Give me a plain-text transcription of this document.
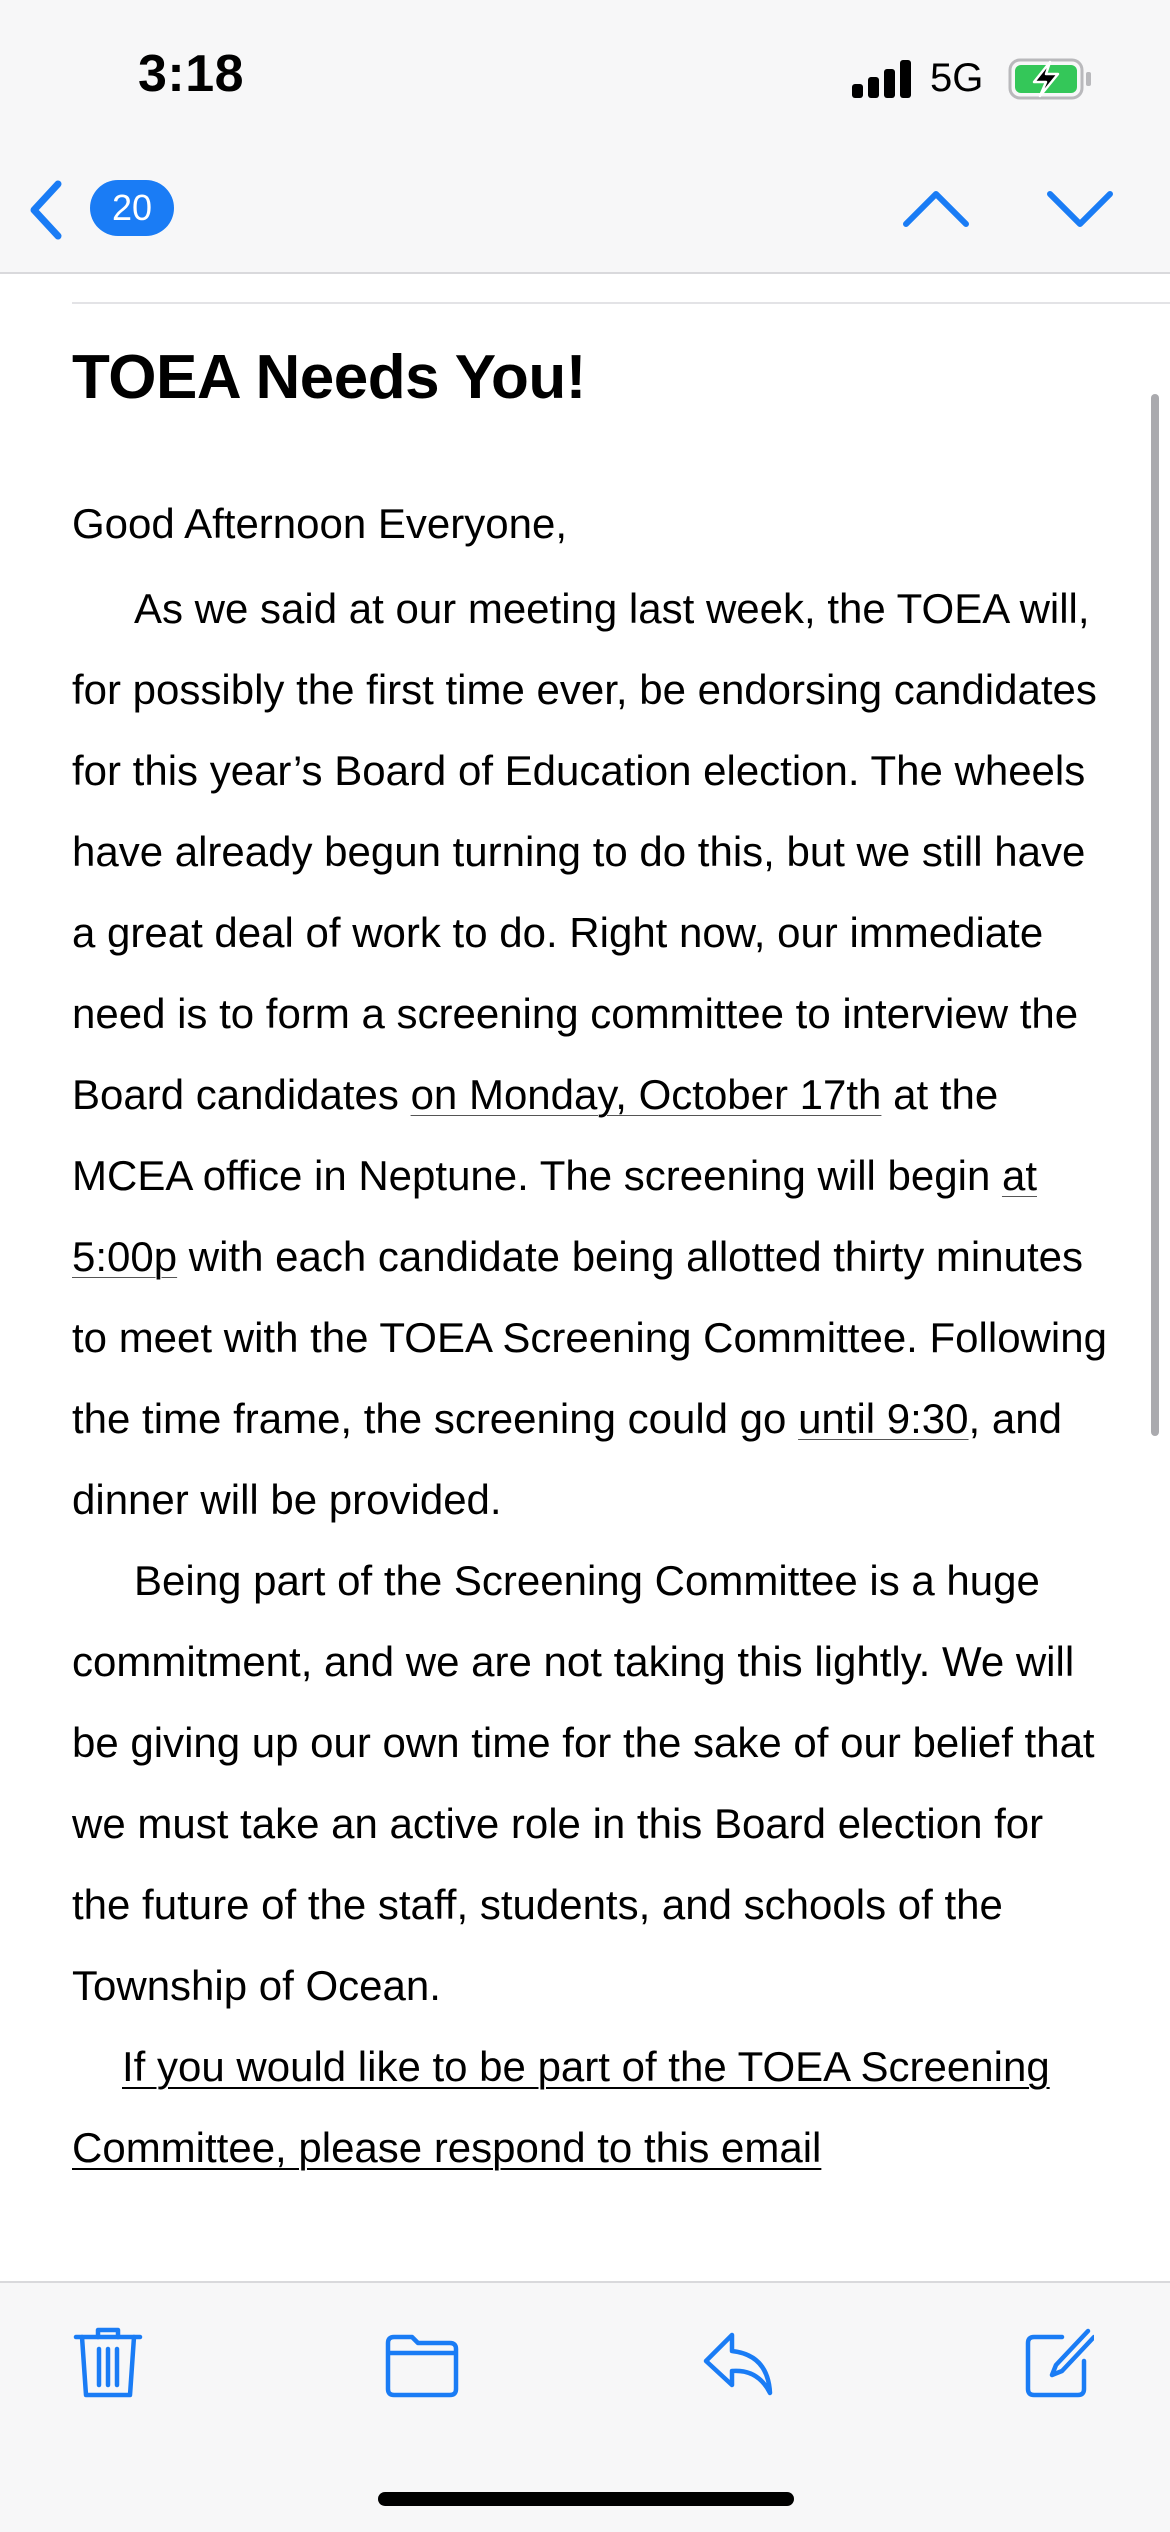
3:18	5G
20
TOEA Needs You!

Good Afternoon Everyone,

As we said at our meeting last week, the TOEA will, for possibly the first time ever, be endorsing candidates for this year’s Board of Education election. The wheels have already begun turning to do this, but we still have a great deal of work to do. Right now, our immediate need is to form a screening committee to interview the Board candidates on Monday, October 17th at the MCEA office in Neptune. The screening will begin at 5:00p with each candidate being allotted thirty minutes to meet with the TOEA Screening Committee. Following the time frame, the screening could go until 9:30, and dinner will be provided.

Being part of the Screening Committee is a huge commitment, and we are not taking this lightly. We will be giving up our own time for the sake of our belief that we must take an active role in this Board election for the future of the staff, students, and schools of the Township of Ocean.

If you would like to be part of the TOEA Screening Committee, please respond to this email
